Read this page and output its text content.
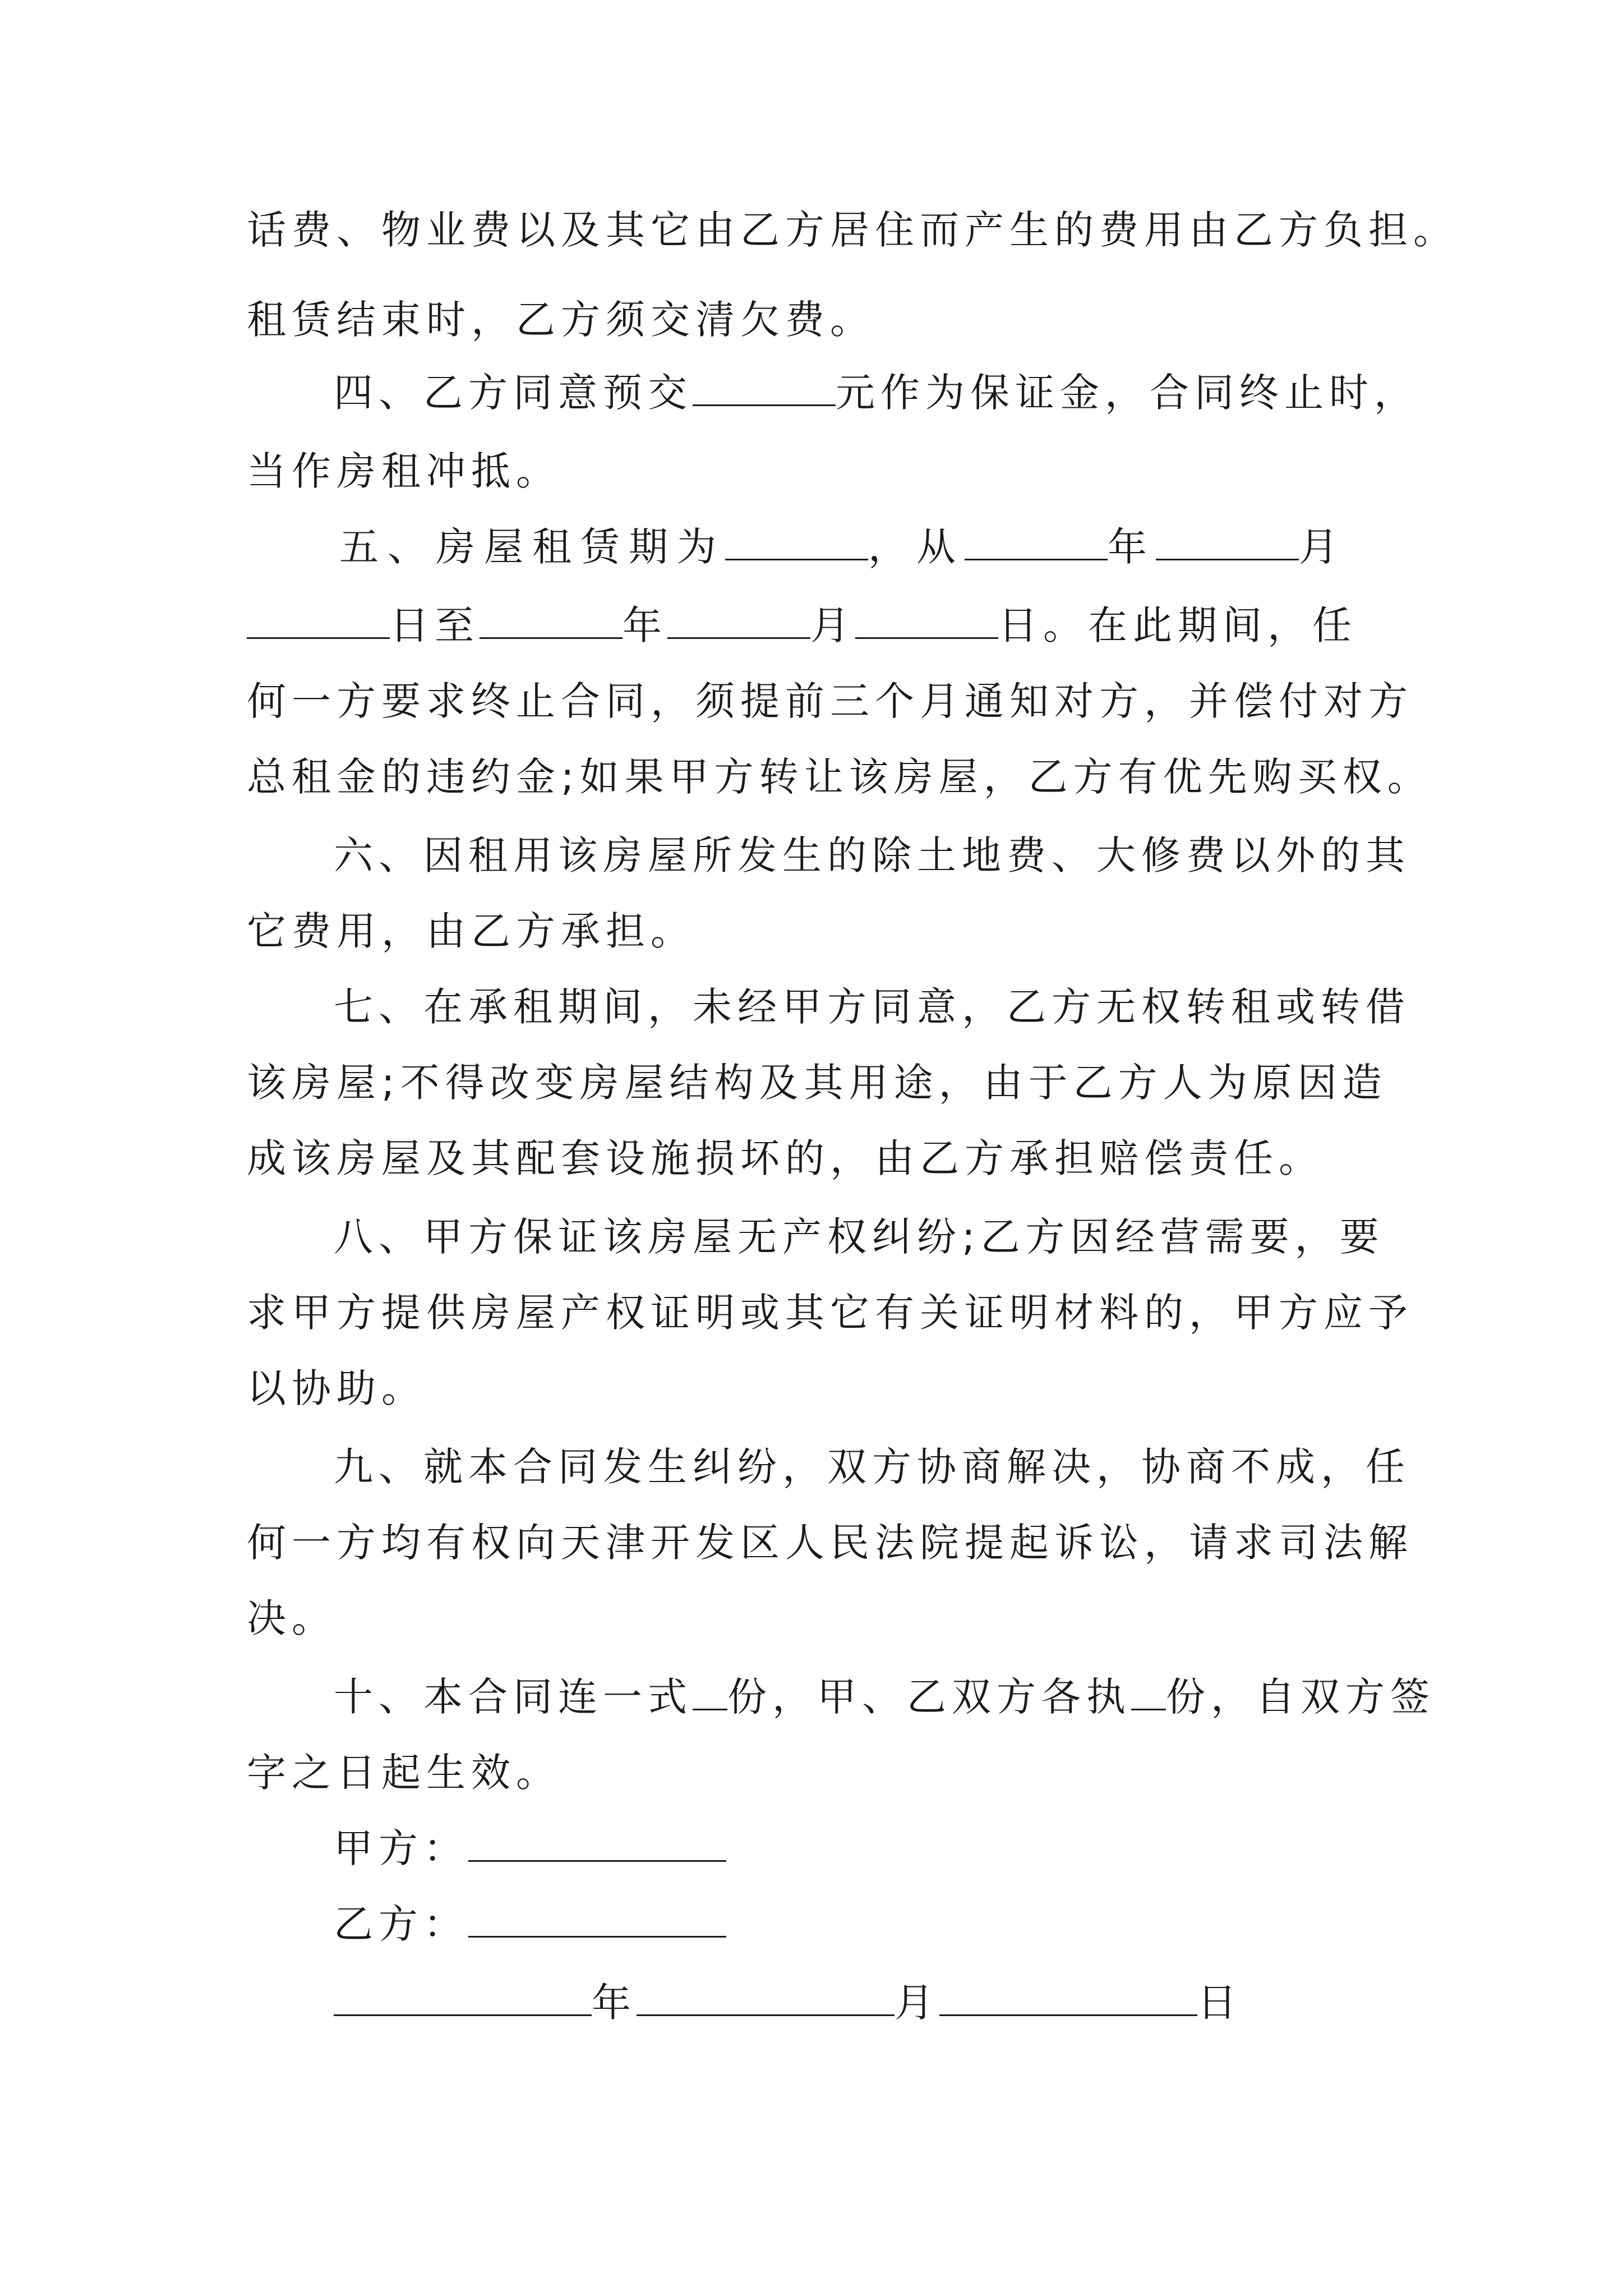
话费、物业费以及其它由乙方居住而产生的费用由乙方负担。
租赁结束时，乙方须交清欠费。
四、乙方同意预交	元作为保证金，合同终止时，
当作房租冲抵。
五、房屋租赁期为	，从	年	月
日至	年	月	日。在此期间，任
何一方要求终止合同，须提前三个月通知对方，并偿付对方
总租金的违约金;如果甲方转让该房屋，乙方有优先购买权。
六、因租用该房屋所发生的除土地费、大修费以外的其
它费用，由乙方承担。
七、在承租期间，未经甲方同意，乙方无权转租或转借
该房屋;不得改变房屋结构及其用途，由于乙方人为原因造
成该房屋及其配套设施损坏的，由乙方承担赔偿责任。
八、甲方保证该房屋无产权纠纷;乙方因经营需要，要
求甲方提供房屋产权证明或其它有关证明材料的，甲方应予
以协助。
九、就本合同发生纠纷，双方协商解决，协商不成，任
何一方均有权向天津开发区人民法院提起诉讼，请求司法解
决。
十、本合同连一式 份，甲、乙双方各执 份，自双方签
字之日起生效。
甲方：
乙方：
年	月	日
